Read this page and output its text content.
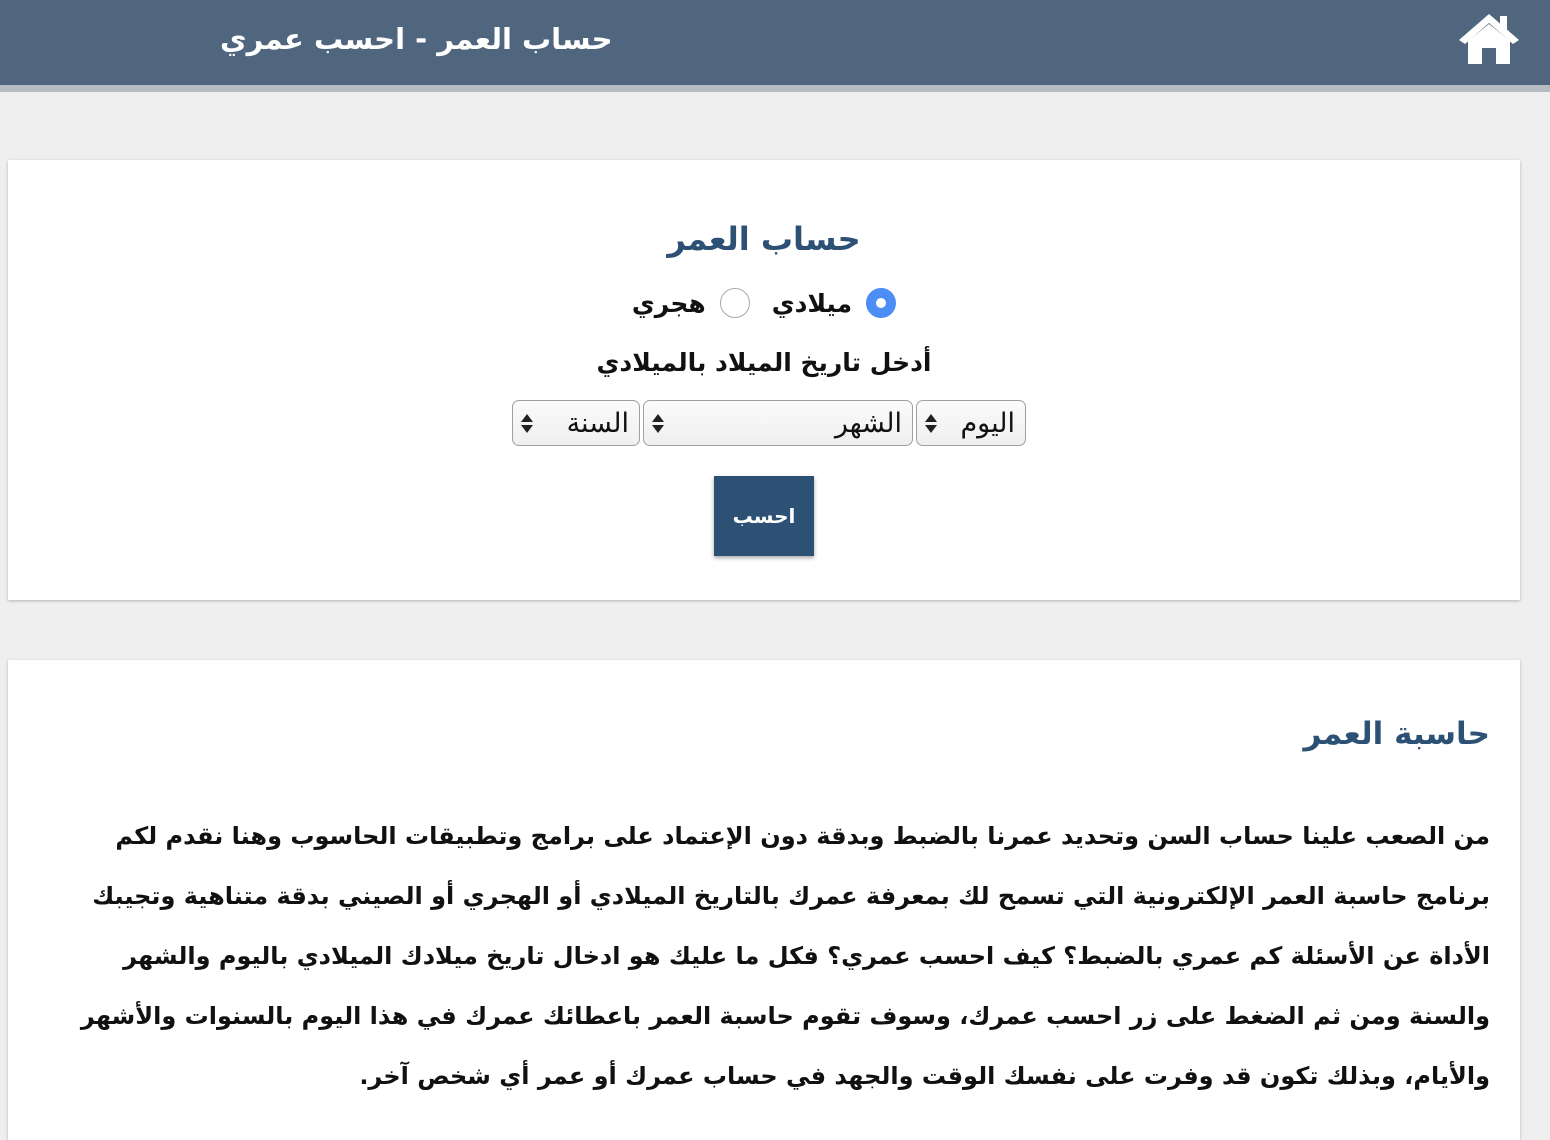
حساب العمر - احسب عمري
حساب العمر
ميلادي
هجري
أدخل تاريخ الميلاد بالميلادي
اليوم
الشهر
السنة
احسب
حاسبة العمر

من الصعب علينا حساب السن وتحديد عمرنا بالضبط وبدقة دون الإعتماد على برامج وتطبيقات الحاسوب وهنا نقدم لكم برنامج حاسبة العمر الإلكترونية التي تسمح لك بمعرفة عمرك بالتاريخ الميلادي أو الهجري أو الصيني بدقة متناهية وتجيبك الأداة عن الأسئلة كم عمري بالضبط؟ كيف احسب عمري؟ فكل ما عليك هو ادخال تاريخ ميلادك الميلادي باليوم والشهر والسنة ومن ثم الضغط على زر احسب عمرك، وسوف تقوم حاسبة العمر باعطائك عمرك في هذا اليوم بالسنوات والأشهر والأيام، وبذلك تكون قد وفرت على نفسك الوقت والجهد في حساب عمرك أو عمر أي شخص آخر.
